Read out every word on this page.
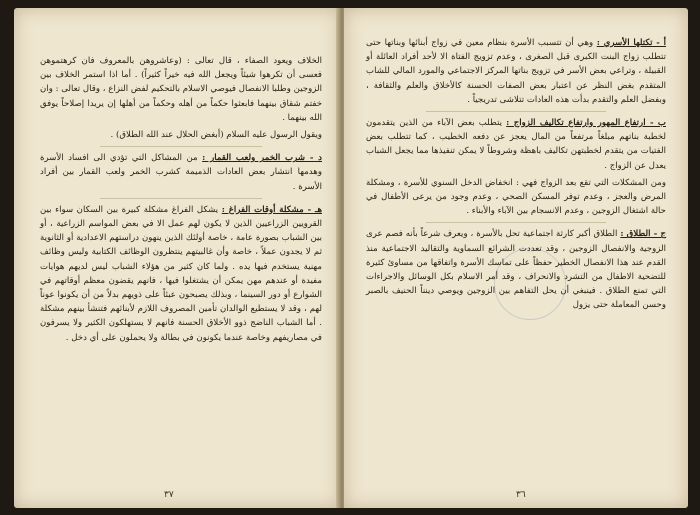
الخلاف ويعود الصفاء ، قال تعالى : (وعاشروهن بالمعروف فان كرهتموهن فعسى أن تكرهوا شيئاً ويجعل الله فيه خيراً كثيراً) . أما اذا استمر الخلاف بين الزوجين وطلبا الانفصال فيوصي الاسلام بالتحكيم لفض النزاع ، وقال تعالى : وان خفتم شقاق بينهما فابعثوا حكماً من أهله وحكماً من أهلها إن يريدا إصلاحاً يوفق الله بينهما .

ويقول الرسول عليه السلام (أبغض الحلال عند الله الطلاق) .

د - شرب الخمر ولعب القمار : من المشاكل التي تؤدي الى افساد الأسرة وهدمها انتشار بعض العادات الذميمة كشرب الخمر ولعب القمار بين أفراد الأسرة .

هـ - مشكلة أوقات الفراغ : يشكل الفراغ مشكلة كبيرة بين السكان سواء بين القرويين الزراعيين الذين لا يكون لهم عمل الا في بعض المواسم الزراعية ، أو بين الشباب بصورة عامة ، خاصة أولئك الذين ينهون دراستهم الاعدادية أو الثانوية ثم لا يجدون عملاً ، خاصة وأن غالبيتهم ينتظرون الوظائف الكتابية وليس وظائف مهنية يستخدم فيها يده . ولما كان كثير من هؤلاء الشباب ليس لديهم هوايات مفيدة أو عندهم مهن يمكن أن يشتغلوا فيها ، فانهم يقضون معظم أوقاتهم في الشوارع أو دور السينما ، وبذلك يصبحون عبئاً على ذويهم بدلاً من أن يكونوا عوناً لهم ، وقد لا يستطيع الوالدان تأمين المصروف اللازم لأبنائهم فتنشأ بينهم مشكلة . أما الشباب الناضج ذوو الأخلاق الحسنة فانهم لا يستهلكون الكثير ولا يسرفون في مصاريفهم وخاصة عندما يكونون في بطالة ولا يحملون على أي دخل .

٣٧

أ - تكتلها الأسري : وهي أن تتسبب الأسرة بنظام معين في زواج أبنائها وبناتها حتى تتطلب زواج البنت الكبرى قبل الصغرى ، وعدم تزويج الفتاة الا لأحد أفراد العائلة أو القبيلة ، وتراعي بعض الأسر في تزويج بناتها المركز الاجتماعي والمورد المالي للشاب المتقدم بغض النظر عن اعتبار بعض الصفات الحسنة كالأخلاق والعلم والثقافة ، وبفضل العلم والتقدم بدأت هذه العادات تتلاشى تدريجياً .

ب - ارتفاع المهور وارتفاع تكاليف الزواج : يتطلب بعض الآباء من الذين يتقدمون لخطبة بناتهم مبلغاً مرتفعاً من المال يعجز عن دفعه الخطيب ، كما تتطلب بعض الفتيات من يتقدم لخطبتهن تكاليف باهظة وشروطاً لا يمكن تنفيذها مما يجعل الشباب يعدل عن الزواج .

ومن المشكلات التي تقع بعد الزواج فهي : انخفاض الدخل السنوي للأسرة ، ومشكلة المرض والعجز ، وعدم توفر المسكن الصحي ، وعدم وجود من يرعى الأطفال في حالة اشتغال الزوجين ، وعدم الانسجام بين الآباء والأبناء .

ج - الطلاق : الطلاق أكبر كارثة اجتماعية تحل بالأسرة ، ويعرف شرعاً بأنه فصم عرى الزوجية والانفصال الزوجين ، وقد تعددت الشرائع السماوية والتقاليد الاجتماعية منذ القدم عند هذا الانفصال الخطير حفظاً على تماسك الأسرة واتفاقها من مساوئ كثيرة للتضحية الاطفال من التشرد والانحراف ، وقد أمر الاسلام بكل الوسائل والاجراءات التي تمنع الطلاق . فينبغي أن يحل التفاهم بين الزوجين ويوصي دينناً الحنيف بالصبر وحسن المعاملة حتى يزول

٣٦
